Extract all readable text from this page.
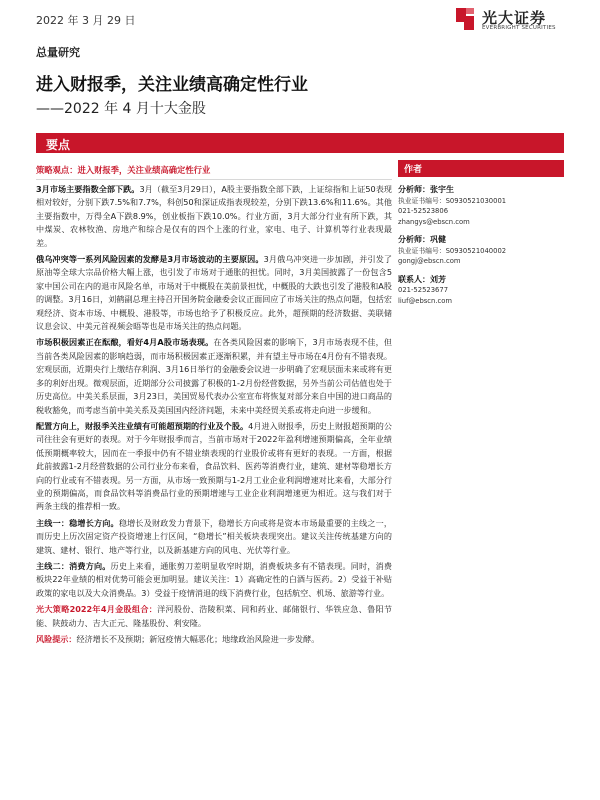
2022 年 3 月 29 日	光大证券
EVERBRIGHT SECURITIES
总量研究
进入财报季，关注业绩高确定性行业
——2022 年 4 月十大金股
要点
策略观点：进入财报季，关注业绩高确定性行业

3月市场主要指数全部下跌。3月（截至3月29日），A股主要指数全部下跌，上证综指和上证50表现相对较好，分别下跌7.5%和7.7%，科创50和深证成指表现较差，分别下跌13.6%和11.6%。其他主要指数中，万得全A下跌8.9%，创业板指下跌10.0%。行业方面，3月大部分行业有所下跌，其中煤炭、农林牧渔、房地产和综合是仅有的四个上涨的行业，家电、电子、计算机等行业表现最差。

俄乌冲突等一系列风险因素的发酵是3月市场波动的主要原因。3月俄乌冲突进一步加剧，并引发了原油等全球大宗品价格大幅上涨，也引发了市场对于通胀的担忧。同时，3月美国披露了一份包含5家中国公司在内的退市风险名单，市场对于中概股在美前景担忧，中概股的大跌也引发了港股和A股的调整。3月16日，刘鹤副总理主持召开国务院金融委会议正面回应了市场关注的热点问题，包括宏观经济、资本市场、中概股、港股等，市场也给予了积极反应。此外，超预期的经济数据、美联储议息会议、中美元首视频会晤等也是市场关注的热点问题。

市场积极因素正在酝酿，看好4月A股市场表现。在各类风险因素的影响下，3月市场表现不佳，但当前各类风险因素的影响趋弱，而市场积极因素正逐渐积累，并有望主导市场在4月份有不错表现。宏观层面，近期央行上缴结存利润、3月16日举行的金融委会议进一步明确了宏观层面未来或将有更多的利好出现。微观层面，近期部分公司披露了积极的1-2月份经营数据，另外当前公司估值也处于历史高位。中美关系层面，3月23日，美国贸易代表办公室宣布将恢复对部分来自中国的进口商品的税收豁免，而考虑当前中美关系及美国国内经济问题，未来中美经贸关系或将走向进一步缓和。

配置方向上，财报季关注业绩有可能超预期的行业及个股。4月进入财报季，历史上财报超预期的公司往往会有更好的表现。对于今年财报季而言，当前市场对于2022年盈利增速预期偏高，全年业绩低预期概率较大，因而在一季报中仍有不错业绩表现的行业股价或将有更好的表现。一方面，根据此前披露1-2月经营数据的公司行业分布来看，食品饮料、医药等消费行业，建筑、建材等稳增长方向的行业或有不错表现。另一方面，从市场一致预期与1-2月工业企业利润增速对比来看，大部分行业的预期偏高，而食品饮料等消费品行业的预期增速与工业企业利润增速更为相近。这与我们对于两条主线的推荐相一致。

主线一：稳增长方向。稳增长及财政发力背景下，稳增长方向或将是资本市场最重要的主线之一，而历史上历次固定资产投资增速上行区间，“稳增长”相关板块表现突出。建议关注传统基建方向的建筑、建材、银行、地产等行业，以及新基建方向的风电、光伏等行业。

主线二：消费方向。历史上来看，通胀剪刀差明显收窄时期，消费板块多有不错表现。同时，消费板块22年业绩的相对优势可能会更加明显。建议关注：1）高确定性的白酒与医药。2）受益于补贴政策的家电以及大众消费品。3）受益于疫情消退的线下消费行业，包括航空、机场、旅游等行业。

光大策略2022年4月金股组合：洋河股份、浩陵积菜、同和药业、邮储银行、华铁应急、鲁阳节能、陕鼓动力、吉大正元、隆基股份、利安隆。

风险提示：经济增长不及预期；新冠疫情大幅恶化；地缘政治风险进一步发酵。

作者
分析师：张宇生
执业证书编号：S0930521030001
021-52523806
zhangys@ebscn.com
分析师：巩健
执业证书编号：S0930521040002
gongj@ebscn.com
联系人：刘芳
021-52523677
liuf@ebscn.com
